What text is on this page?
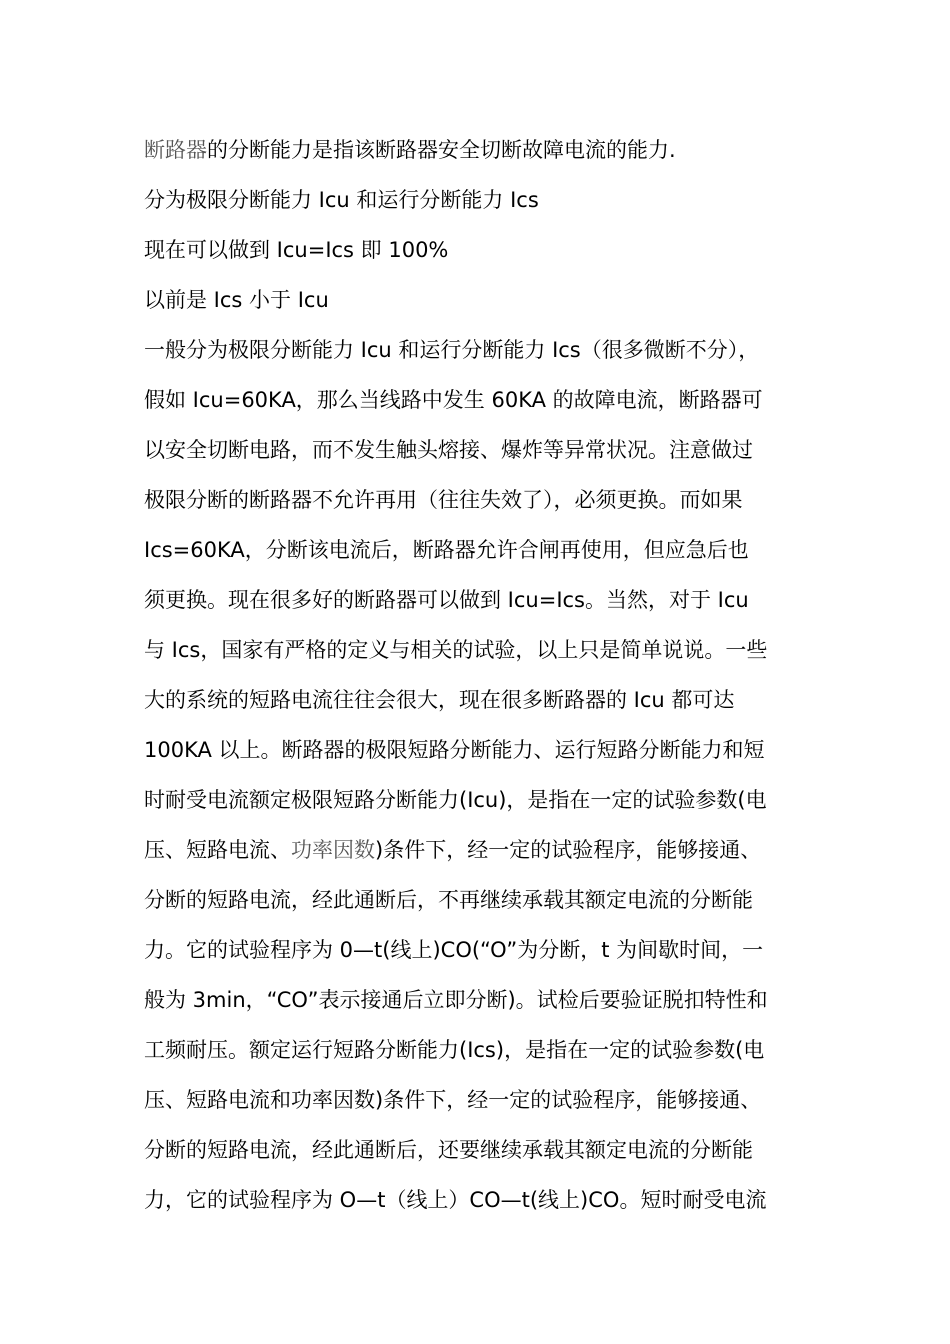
断路器的分断能力是指该断路器安全切断故障电流的能力.
分为极限分断能力 Icu 和运行分断能力 Ics
现在可以做到 Icu=Ics 即 100%
以前是 Ics 小于 Icu
一般分为极限分断能力 Icu 和运行分断能力 Ics（很多微断不分），
假如 Icu=60KA，那么当线路中发生 60KA 的故障电流，断路器可
以安全切断电路，而不发生触头熔接、爆炸等异常状况。注意做过
极限分断的断路器不允许再用（往往失效了），必须更换。而如果
Ics=60KA，分断该电流后，断路器允许合闸再使用，但应急后也
须更换。现在很多好的断路器可以做到 Icu=Ics。当然，对于 Icu
与 Ics，国家有严格的定义与相关的试验，以上只是简单说说。一些
大的系统的短路电流往往会很大，现在很多断路器的 Icu 都可达
100KA 以上。断路器的极限短路分断能力、运行短路分断能力和短
时耐受电流额定极限短路分断能力(Icu)，是指在一定的试验参数(电
压、短路电流、功率因数)条件下，经一定的试验程序，能够接通、
分断的短路电流，经此通断后，不再继续承载其额定电流的分断能
力。它的试验程序为 0—t(线上)CO(“O”为分断，t 为间歇时间，一
般为 3min，“CO”表示接通后立即分断)。试检后要验证脱扣特性和
工频耐压。额定运行短路分断能力(Ics)，是指在一定的试验参数(电
压、短路电流和功率因数)条件下，经一定的试验程序，能够接通、
分断的短路电流，经此通断后，还要继续承载其额定电流的分断能
力，它的试验程序为 O—t（线上）CO—t(线上)CO。短时耐受电流
